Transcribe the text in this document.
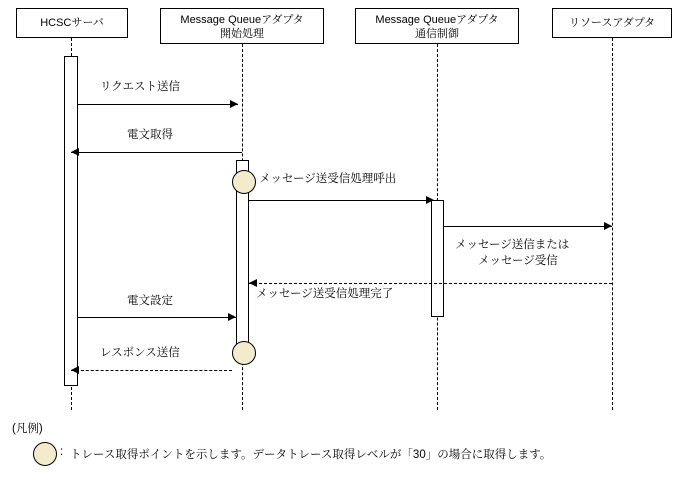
HCSCサーバ	Message Queueアダプタ
開始処理
Message Queueアダプタ
通信制御
リソースアダプタ
リクエスト送信
電文取得
メッセージ送受信処理呼出
メッセージ送信または
メッセージ受信
メッセージ送受信処理完了
電文設定
レスポンス送信
(凡例)
: トレース取得ポイントを示します。データトレース取得レベルが「30」の場合に取得します。
